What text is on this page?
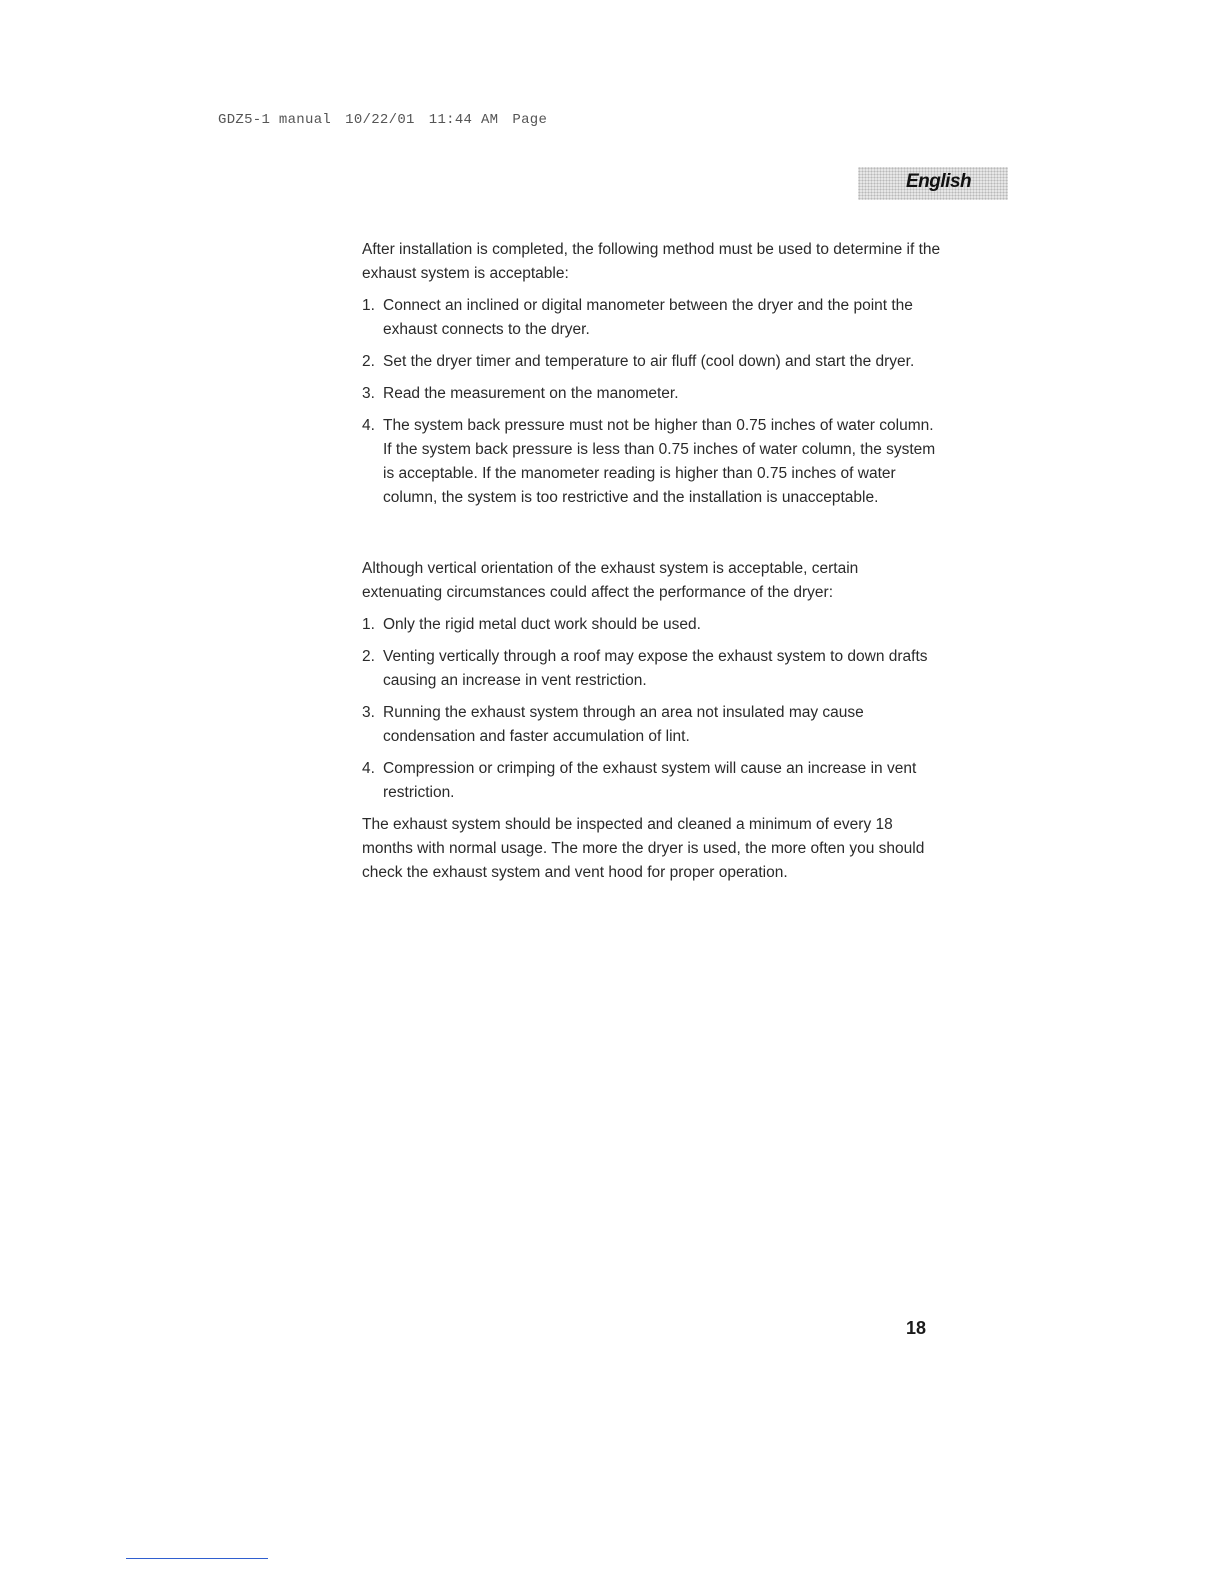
GDZ5-1 manual 10/22/01 11:44 AM Page
English

After installation is completed, the following method must be used to determine if the exhaust system is acceptable:

1. Connect an inclined or digital manometer between the dryer and the point the exhaust connects to the dryer.
2. Set the dryer timer and temperature to air fluff (cool down) and start the dryer.
3. Read the measurement on the manometer.
4. The system back pressure must not be higher than 0.75 inches of water column. If the system back pressure is less than 0.75 inches of water column, the system is acceptable. If the manometer reading is higher than 0.75 inches of water column, the system is too restrictive and the installation is unacceptable.

Although vertical orientation of the exhaust system is acceptable, certain extenuating circumstances could affect the performance of the dryer:

1. Only the rigid metal duct work should be used.
2. Venting vertically through a roof may expose the exhaust system to down drafts causing an increase in vent restriction.
3. Running the exhaust system through an area not insulated may cause condensation and faster accumulation of lint.
4. Compression or crimping of the exhaust system will cause an increase in vent restriction.

The exhaust system should be inspected and cleaned a minimum of every 18 months with normal usage. The more the dryer is used, the more often you should check the exhaust system and vent hood for proper operation.

18
